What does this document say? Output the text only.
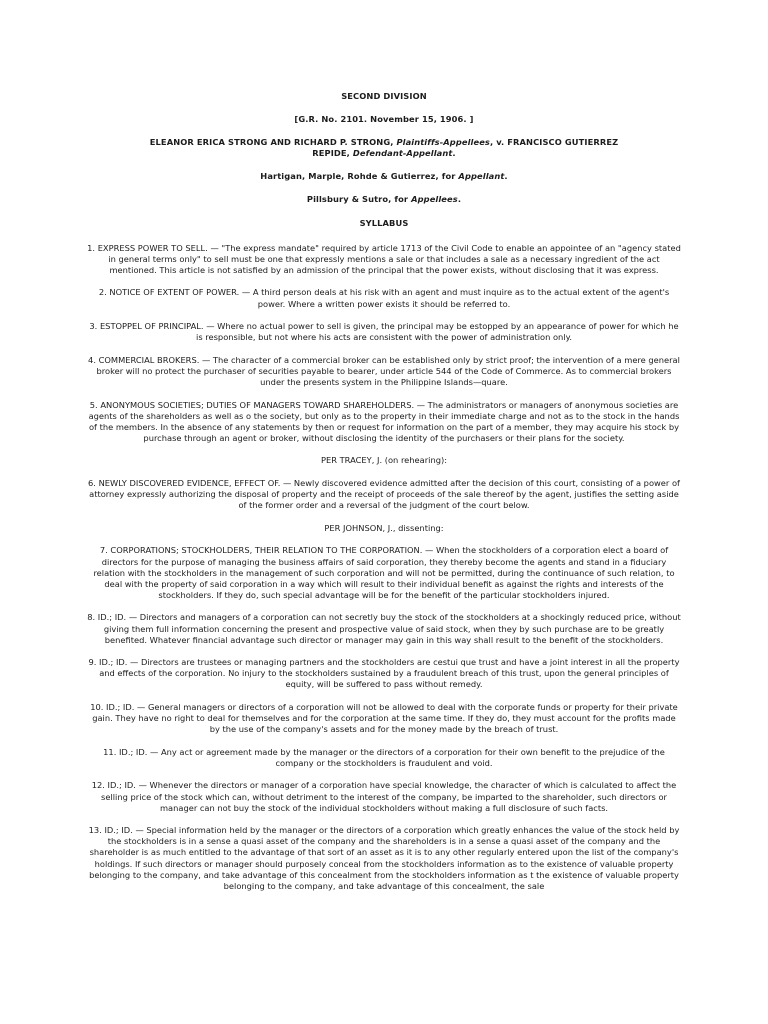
SECOND DIVISION
[G.R. No. 2101. November 15, 1906. ]
ELEANOR ERICA STRONG AND RICHARD P. STRONG, Plaintiffs-Appellees, v. FRANCISCO GUTIERREZ
REPIDE, Defendant-Appellant.
Hartigan, Marple, Rohde & Gutierrez, for Appellant.
Pillsbury & Sutro, for Appellees.
SYLLABUS

1. EXPRESS POWER TO SELL. — "The express mandate" required by article 1713 of the Civil Code to enable an appointee of an "agency stated in general terms only" to sell must be one that expressly mentions a sale or that includes a sale as a necessary ingredient of the act mentioned. This article is not satisfied by an admission of the principal that the power exists, without disclosing that it was express.

2. NOTICE OF EXTENT OF POWER. — A third person deals at his risk with an agent and must inquire as to the actual extent of the agent's power. Where a written power exists it should be referred to.

3. ESTOPPEL OF PRINCIPAL. — Where no actual power to sell is given, the principal may be estopped by an appearance of power for which he is responsible, but not where his acts are consistent with the power of administration only.

4. COMMERCIAL BROKERS. — The character of a commercial broker can be established only by strict proof; the intervention of a mere general broker will no protect the purchaser of securities payable to bearer, under article 544 of the Code of Commerce. As to commercial brokers under the presents system in the Philippine Islands—quare.

5. ANONYMOUS SOCIETIES; DUTIES OF MANAGERS TOWARD SHAREHOLDERS. — The administrators or managers of anonymous societies are agents of the shareholders as well as o the society, but only as to the property in their immediate charge and not as to the stock in the hands of the members. In the absence of any statements by then or request for information on the part of a member, they may acquire his stock by purchase through an agent or broker, without disclosing the identity of the purchasers or their plans for the society.

PER TRACEY, J. (on rehearing):

6. NEWLY DISCOVERED EVIDENCE, EFFECT OF. — Newly discovered evidence admitted after the decision of this court, consisting of a power of attorney expressly authorizing the disposal of property and the receipt of proceeds of the sale thereof by the agent, justifies the setting aside of the former order and a reversal of the judgment of the court below.

PER JOHNSON, J., dissenting:

7. CORPORATIONS; STOCKHOLDERS, THEIR RELATION TO THE CORPORATION. — When the stockholders of a corporation elect a board of directors for the purpose of managing the business affairs of said corporation, they thereby become the agents and stand in a fiduciary relation with the stockholders in the management of such corporation and will not be permitted, during the continuance of such relation, to deal with the property of said corporation in a way which will result to their individual benefit as against the rights and interests of the stockholders. If they do, such special advantage will be for the benefit of the particular stockholders injured.

8. ID.; ID. — Directors and managers of a corporation can not secretly buy the stock of the stockholders at a shockingly reduced price, without giving them full information concerning the present and prospective value of said stock, when they by such purchase are to be greatly benefited. Whatever financial advantage such director or manager may gain in this way shall result to the benefit of the stockholders.

9. ID.; ID. — Directors are trustees or managing partners and the stockholders are cestui que trust and have a joint interest in all the property and effects of the corporation. No injury to the stockholders sustained by a fraudulent breach of this trust, upon the general principles of equity, will be suffered to pass without remedy.

10. ID.; ID. — General managers or directors of a corporation will not be allowed to deal with the corporate funds or property for their private gain. They have no right to deal for themselves and for the corporation at the same time. If they do, they must account for the profits made by the use of the company's assets and for the money made by the breach of trust.

11. ID.; ID. — Any act or agreement made by the manager or the directors of a corporation for their own benefit to the prejudice of the company or the stockholders is fraudulent and void.

12. ID.; ID. — Whenever the directors or manager of a corporation have special knowledge, the character of which is calculated to affect the selling price of the stock which can, without detriment to the interest of the company, be imparted to the shareholder, such directors or manager can not buy the stock of the individual stockholders without making a full disclosure of such facts.

13. ID.; ID. — Special information held by the manager or the directors of a corporation which greatly enhances the value of the stock held by the stockholders is in a sense a quasi asset of the company and the shareholders is in a sense a quasi asset of the company and the shareholder is as much entitled to the advantage of that sort of an asset as it is to any other regularly entered upon the list of the company's holdings. If such directors or manager should purposely conceal from the stockholders information as to the existence of valuable property belonging to the company, and take advantage of this concealment from the stockholders information as t the existence of valuable property belonging to the company, and take advantage of this concealment, the sale
